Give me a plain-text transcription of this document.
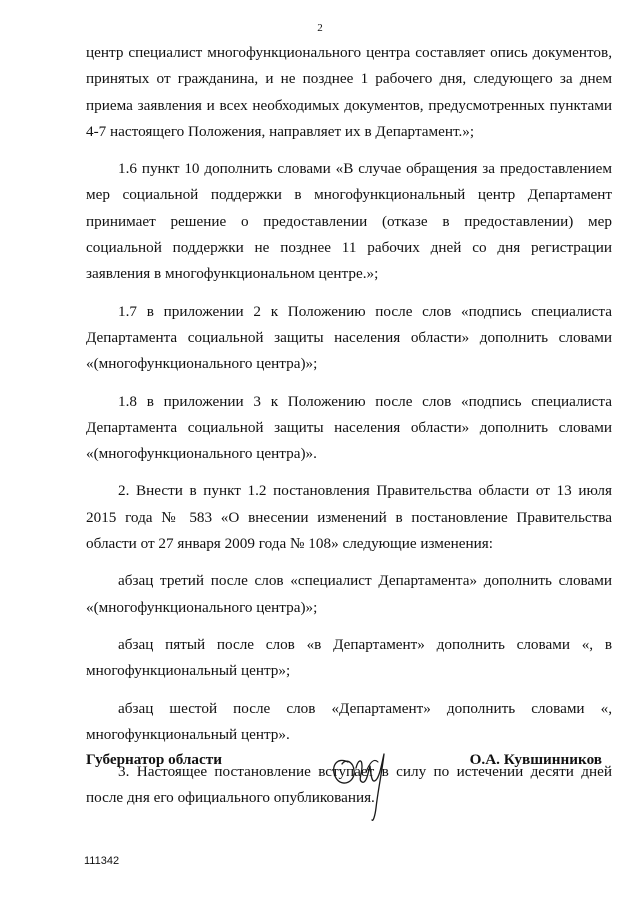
2

центр специалист многофункционального центра составляет опись документов, принятых от гражданина, и не позднее 1 рабочего дня, следующего за днем приема заявления и всех необходимых документов, предусмотренных пунктами 4-7 настоящего Положения, направляет их в Департамент.»;

1.6 пункт 10 дополнить словами «В случае обращения за предоставлением мер социальной поддержки в многофункциональный центр Департамент принимает решение о предоставлении (отказе в предоставлении) мер социальной поддержки не позднее 11 рабочих дней со дня регистрации заявления в многофункциональном центре.»;

1.7 в приложении 2 к Положению после слов «подпись специалиста Департамента социальной защиты населения области» дополнить словами «(многофункционального центра)»;

1.8 в приложении 3 к Положению после слов «подпись специалиста Департамента социальной защиты населения области» дополнить словами «(многофункционального центра)».

2. Внести в пункт 1.2 постановления Правительства области от 13 июля 2015 года № 583 «О внесении изменений в постановление Правительства области от 27 января 2009 года № 108» следующие изменения:

абзац третий после слов «специалист Департамента» дополнить словами «(многофункционального центра)»;

абзац пятый после слов «в Департамент» дополнить словами «, в многофункциональный центр»;

абзац шестой после слов «Департамент» дополнить словами «, многофункциональный центр».

3. Настоящее постановление вступает в силу по истечении десяти дней после дня его официального опубликования.

Губернатор области	О.А. Кувшинников
111342
